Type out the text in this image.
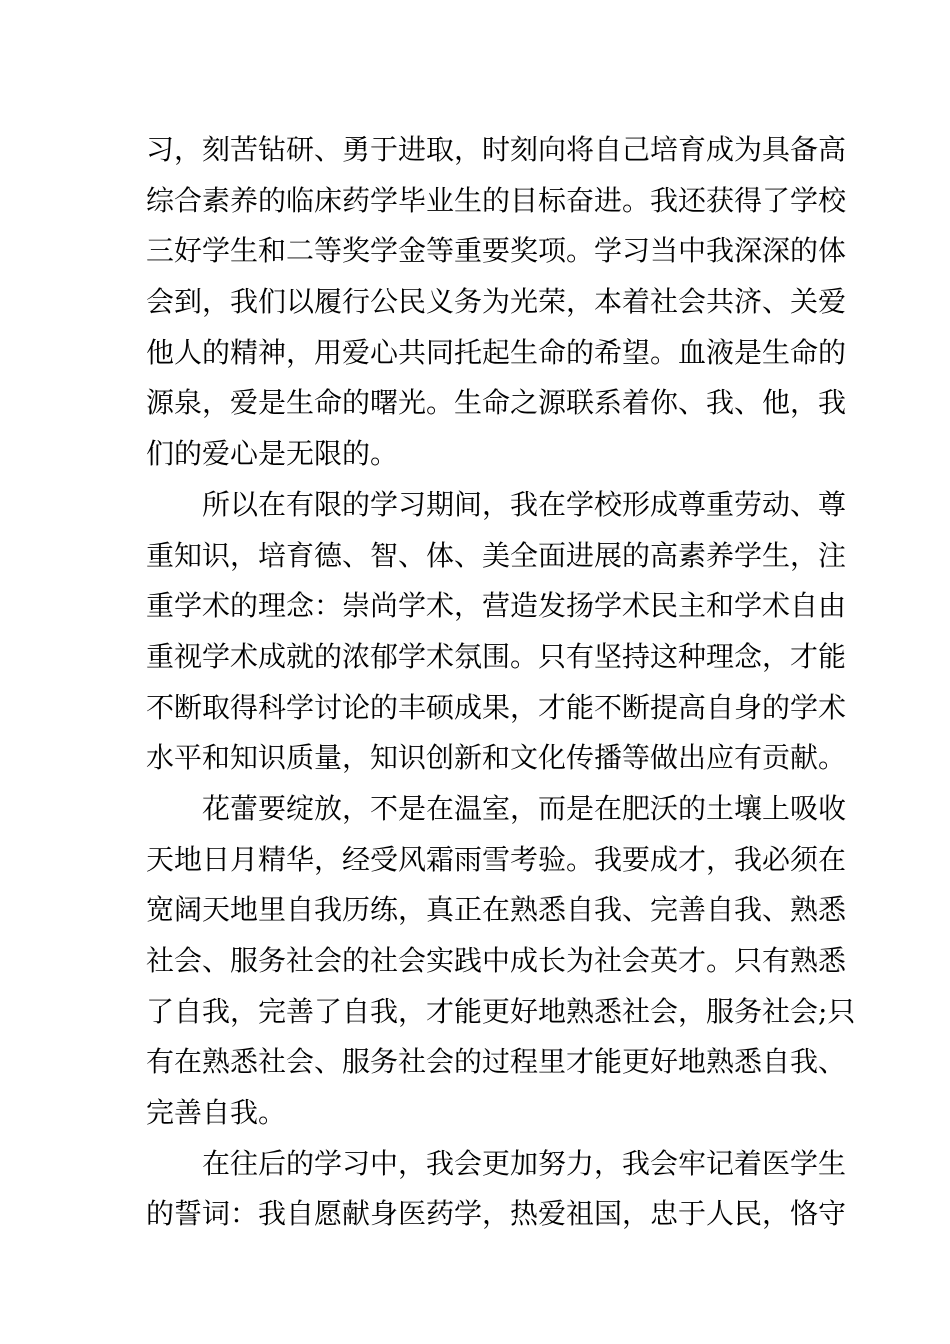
习，刻苦钻研、勇于进取，时刻向将自己培育成为具备高
综合素养的临床药学毕业生的目标奋进。我还获得了学校
三好学生和二等奖学金等重要奖项。学习当中我深深的体
会到，我们以履行公民义务为光荣，本着社会共济、关爱
他人的精神，用爱心共同托起生命的希望。血液是生命的
源泉，爱是生命的曙光。生命之源联系着你、我、他，我
们的爱心是无限的。
所以在有限的学习期间，我在学校形成尊重劳动、尊
重知识，培育德、智、体、美全面进展的高素养学生，注
重学术的理念：崇尚学术，营造发扬学术民主和学术自由
重视学术成就的浓郁学术氛围。只有坚持这种理念，才能
不断取得科学讨论的丰硕成果，才能不断提高自身的学术
水平和知识质量，知识创新和文化传播等做出应有贡献。
花蕾要绽放，不是在温室，而是在肥沃的土壤上吸收
天地日月精华，经受风霜雨雪考验。我要成才，我必须在
宽阔天地里自我历练，真正在熟悉自我、完善自我、熟悉
社会、服务社会的社会实践中成长为社会英才。只有熟悉
了自我，完善了自我，才能更好地熟悉社会，服务社会;只
有在熟悉社会、服务社会的过程里才能更好地熟悉自我、
完善自我。
在往后的学习中，我会更加努力，我会牢记着医学生
的誓词：我自愿献身医药学，热爱祖国，忠于人民，恪守
